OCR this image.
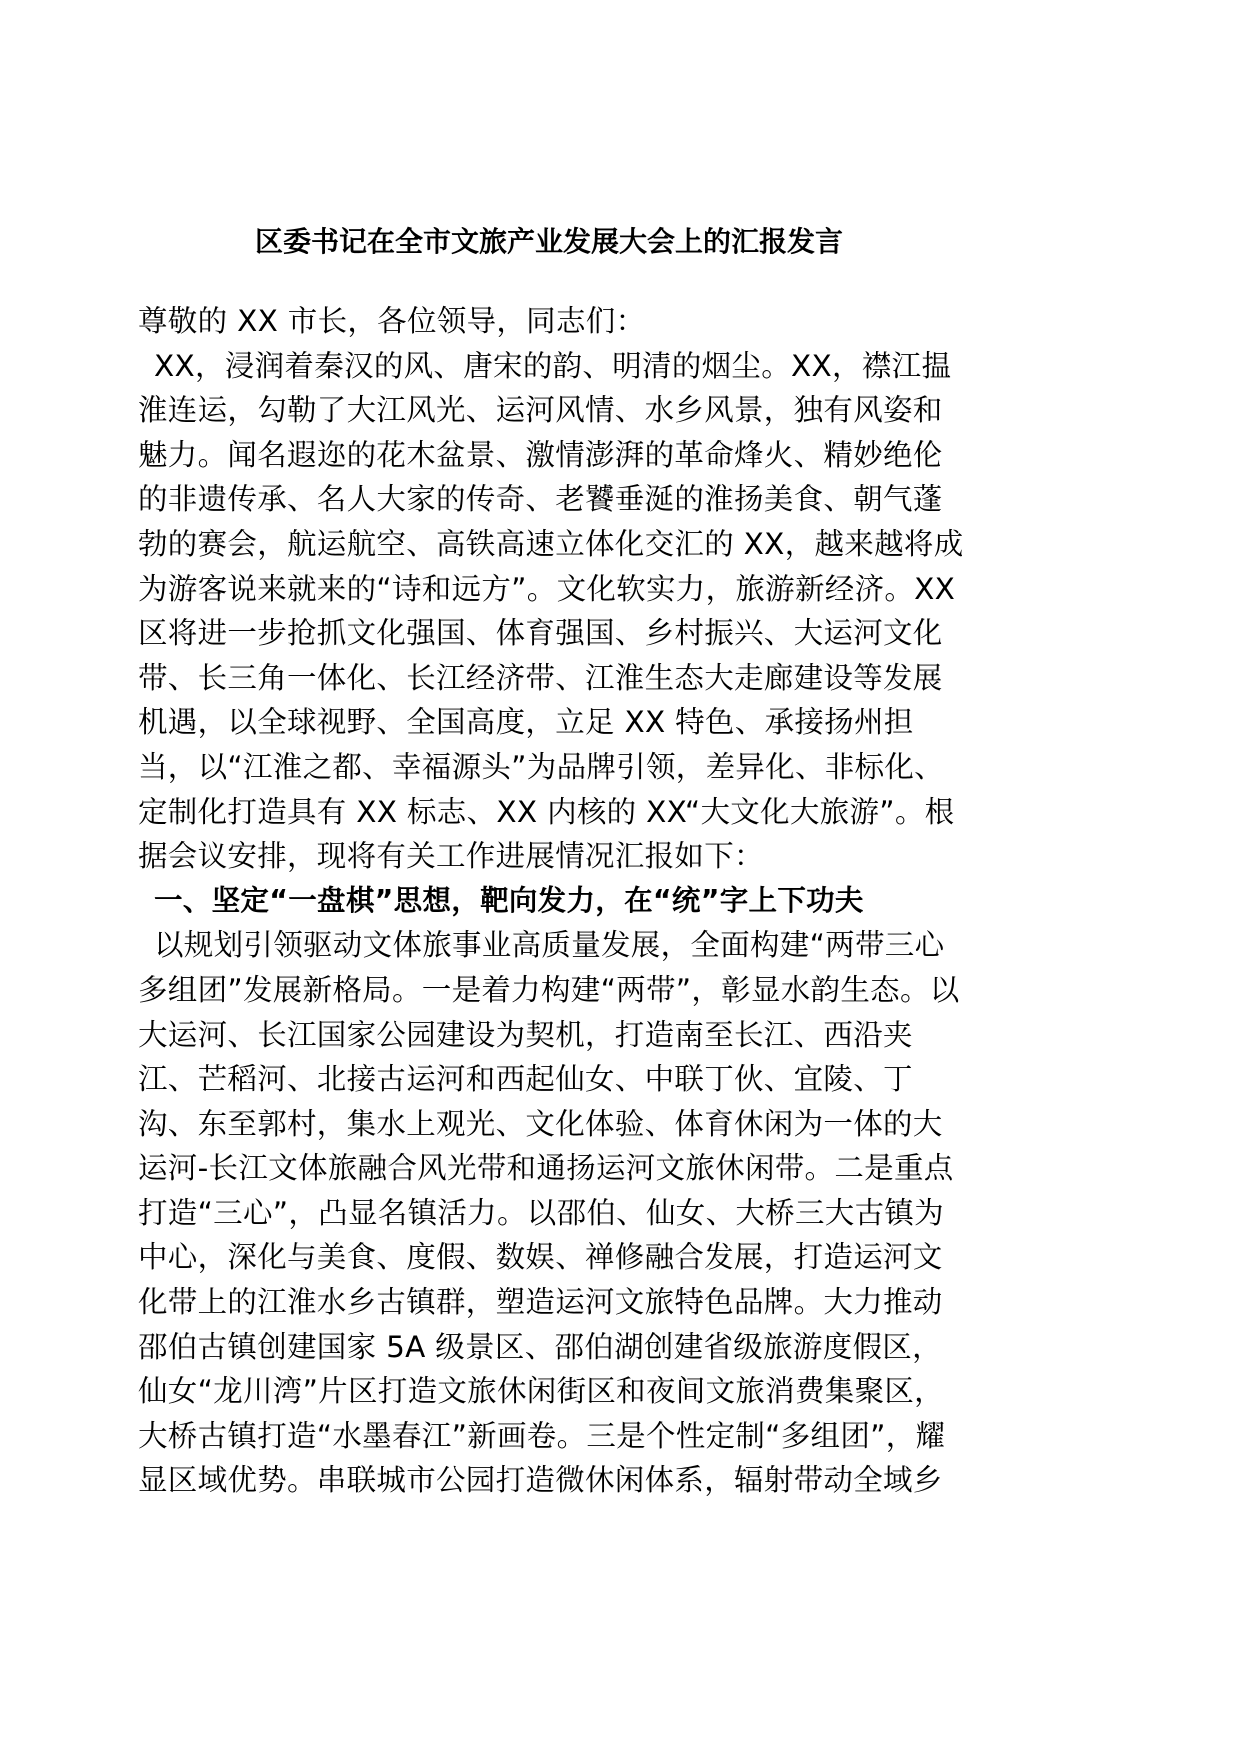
区委书记在全市文旅产业发展大会上的汇报发言
尊敬的 XX 市长，各位领导，同志们：
XX，浸润着秦汉的风、唐宋的韵、明清的烟尘。XX，襟江揾
淮连运，勾勒了大江风光、运河风情、水乡风景，独有风姿和
魅力。闻名遐迩的花木盆景、激情澎湃的革命烽火、精妙绝伦
的非遗传承、名人大家的传奇、老饕垂涎的淮扬美食、朝气蓬
勃的赛会，航运航空、高铁高速立体化交汇的 XX，越来越将成
为游客说来就来的“诗和远方”。文化软实力，旅游新经济。XX
区将进一步抢抓文化强国、体育强国、乡村振兴、大运河文化
带、长三角一体化、长江经济带、江淮生态大走廊建设等发展
机遇，以全球视野、全国高度，立足 XX 特色、承接扬州担
当，以“江淮之都、幸福源头”为品牌引领，差异化、非标化、
定制化打造具有 XX 标志、XX 内核的 XX“大文化大旅游”。根
据会议安排，现将有关工作进展情况汇报如下：
一、坚定“一盘棋”思想，靶向发力，在“统”字上下功夫
以规划引领驱动文体旅事业高质量发展，全面构建“两带三心
多组团”发展新格局。一是着力构建“两带”，彰显水韵生态。以
大运河、长江国家公园建设为契机，打造南至长江、西沿夹
江、芒稻河、北接古运河和西起仙女、中联丁伙、宜陵、丁
沟、东至郭村，集水上观光、文化体验、体育休闲为一体的大
运河-长江文体旅融合风光带和通扬运河文旅休闲带。二是重点
打造“三心”，凸显名镇活力。以邵伯、仙女、大桥三大古镇为
中心，深化与美食、度假、数娱、禅修融合发展，打造运河文
化带上的江淮水乡古镇群，塑造运河文旅特色品牌。大力推动
邵伯古镇创建国家 5A 级景区、邵伯湖创建省级旅游度假区，
仙女“龙川湾”片区打造文旅休闲街区和夜间文旅消费集聚区，
大桥古镇打造“水墨春江”新画卷。三是个性定制“多组团”，耀
显区域优势。串联城市公园打造微休闲体系，辐射带动全域乡
